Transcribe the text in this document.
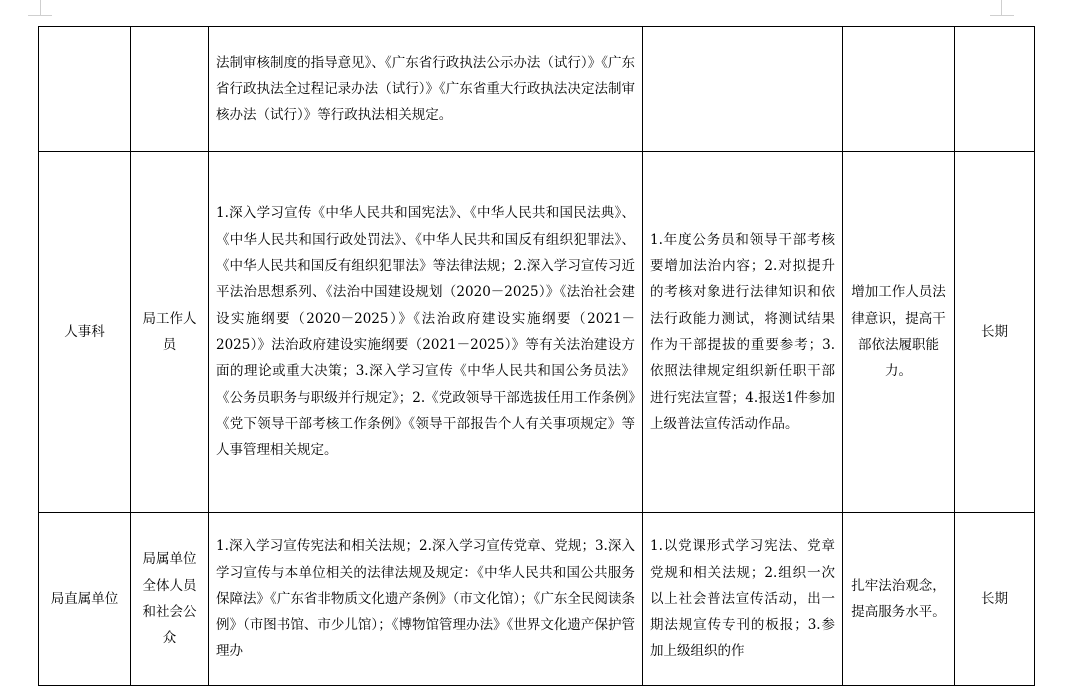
		法制审核制度的指导意见》、《广东省行政执法公示办法（试行）》《广东省行政执法全过程记录办法（试行）》《广东省重大行政执法决定法制审核办法（试行）》等行政执法相关规定。			
人事科	局工作人员	1.深入学习宣传《中华人民共和国宪法》、《中华人民共和国民法典》、《中华人民共和国行政处罚法》、《中华人民共和国反有组织犯罪法》、《中华人民共和国反有组织犯罪法》等法律法规；2.深入学习宣传习近平法治思想系列、《法治中国建设规划（2020－2025）》《法治社会建设实施纲要（2020－2025）》《法治政府建设实施纲要（2021－2025）》法治政府建设实施纲要（2021－2025）》等有关法治建设方面的理论或重大决策；3.深入学习宣传《中华人民共和国公务员法》《公务员职务与职级并行规定》；2.《党政领导干部选拔任用工作条例》《党下领导干部考核工作条例》《领导干部报告个人有关事项规定》等人事管理相关规定。	1.年度公务员和领导干部考核要增加法治内容；2.对拟提升的考核对象进行法律知识和依法行政能力测试，将测试结果作为干部提拔的重要参考；3.依照法律规定组织新任职干部进行宪法宣誓；4.报送1件参加上级普法宣传活动作品。	增加工作人员法律意识，提高干部依法履职能力。	长期
局直属单位	局属单位全体人员和社会公众	1.深入学习宣传宪法和相关法规；2.深入学习宣传党章、党规；3.深入学习宣传与本单位相关的法律法规及规定：《中华人民共和国公共服务保障法》《广东省非物质文化遗产条例》（市文化馆）；《广东全民阅读条例》（市图书馆、市少儿馆）；《博物馆管理办法》《世界文化遗产保护管理办	1.以党课形式学习宪法、党章党规和相关法规；2.组织一次以上社会普法宣传活动，出一期法规宣传专刊的板报；3.参加上级组织的作	扎牢法治观念，提高服务水平。	长期
